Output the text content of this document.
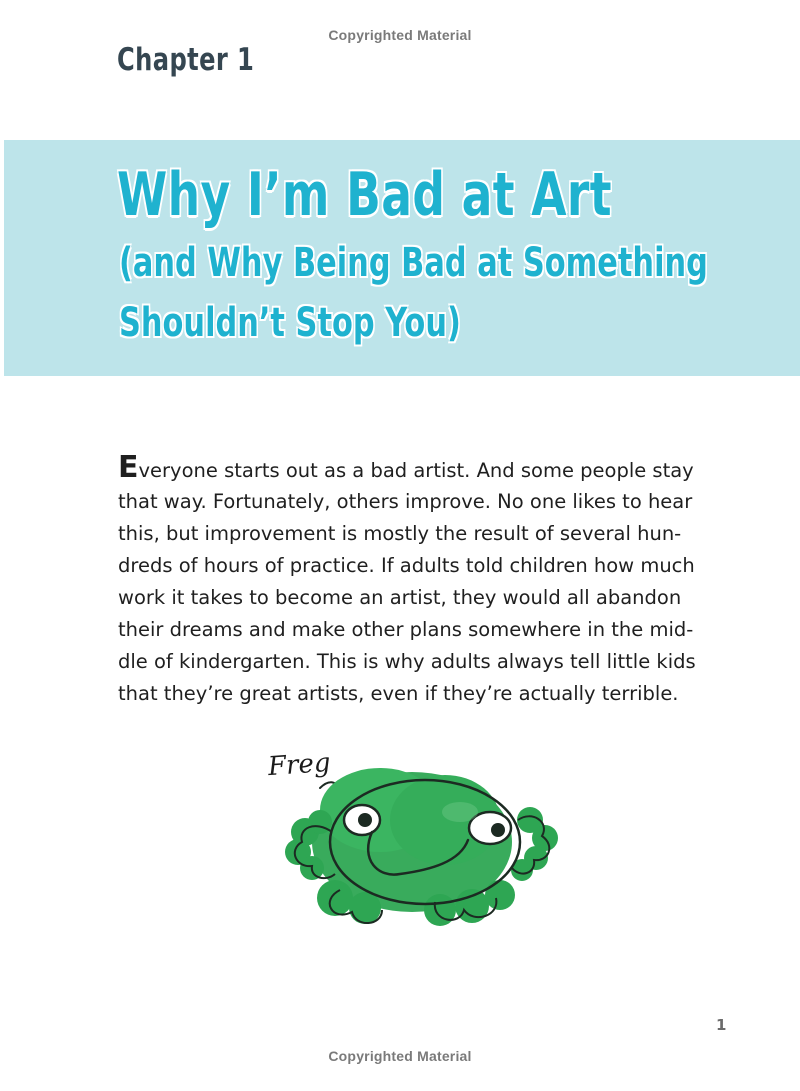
Copyrighted Material
Chapter 1
Why I’m Bad at Art
(and Why Being Bad at Something
Shouldn’t Stop You)
Everyone starts out as a bad artist. And some people stay
that way. Fortunately, others improve. No one likes to hear
this, but improvement is mostly the result of several hun-
dreds of hours of practice. If adults told children how much
work it takes to become an artist, they would all abandon
their dreams and make other plans somewhere in the mid-
dle of kindergarten. This is why adults always tell little kids
that they’re great artists, even if they’re actually terrible.
Freg
1
Copyrighted Material
